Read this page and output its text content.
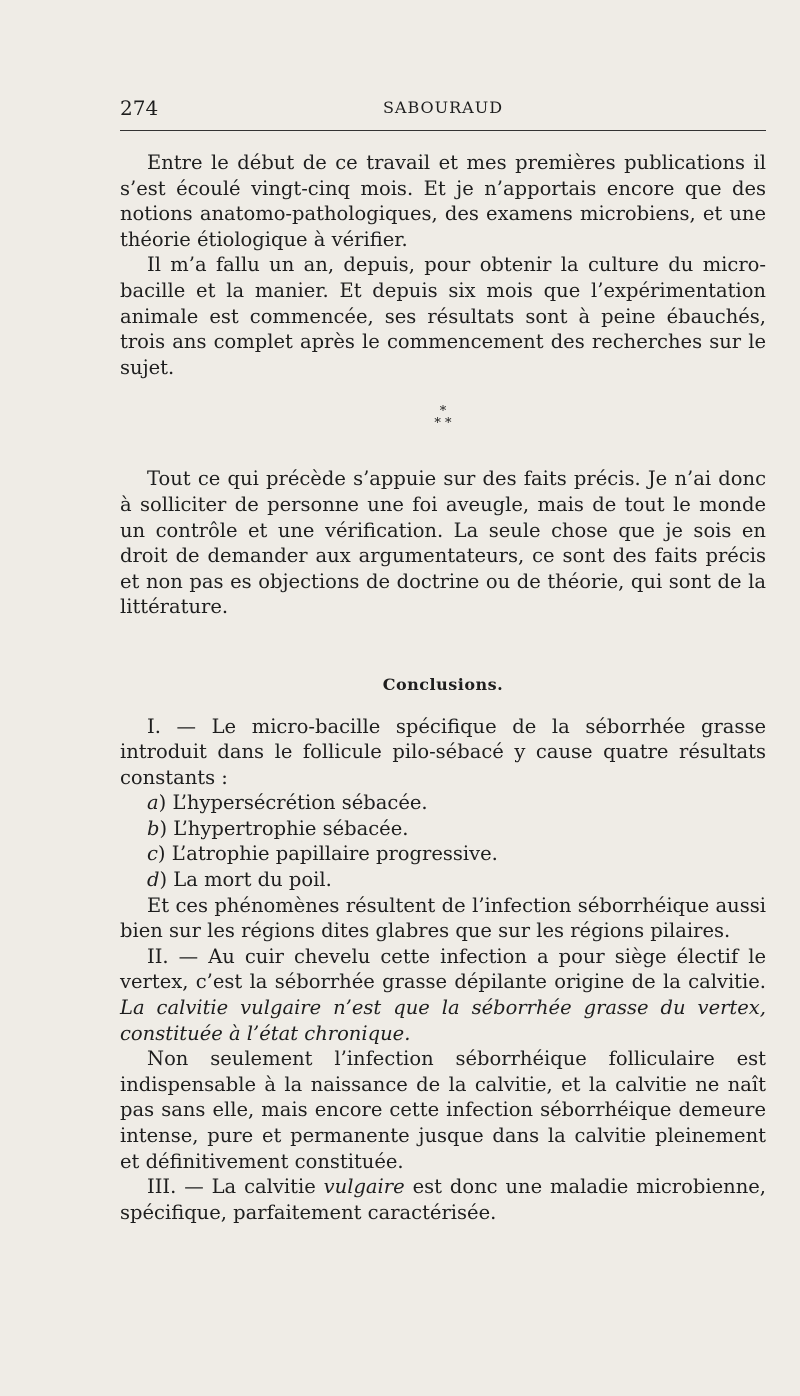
274	SABOURAUD

Entre le début de ce travail et mes premières publications il s’est écoulé vingt-cinq mois. Et je n’apportais encore que des notions anatomo-pathologiques, des examens microbiens, et une théorie étiologique à vérifier.

Il m’a fallu un an, depuis, pour obtenir la culture du micro-bacille et la manier. Et depuis six mois que l’expérimentation animale est commencée, ses résultats sont à peine ébauchés, trois ans complet après le commencement des recherches sur le sujet.

*
* *

Tout ce qui précède s’appuie sur des faits précis. Je n’ai donc à solliciter de personne une foi aveugle, mais de tout le monde un contrôle et une vérification. La seule chose que je sois en droit de demander aux argumentateurs, ce sont des faits précis et non pas es objections de doctrine ou de théorie, qui sont de la littérature.

Conclusions.

I. — Le micro-bacille spécifique de la séborrhée grasse introduit dans le follicule pilo-sébacé y cause quatre résultats constants :

a) L’hypersécrétion sébacée.

b) L’hypertrophie sébacée.

c) L’atrophie papillaire progressive.

d) La mort du poil.

Et ces phénomènes résultent de l’infection séborrhéique aussi bien sur les régions dites glabres que sur les régions pilaires.

II. — Au cuir chevelu cette infection a pour siège électif le vertex, c’est la séborrhée grasse dépilante origine de la calvitie. La calvitie vulgaire n’est que la séborrhée grasse du vertex, constituée à l’état chronique.

Non seulement l’infection séborrhéique folliculaire est indispensable à la naissance de la calvitie, et la calvitie ne naît pas sans elle, mais encore cette infection séborrhéique demeure intense, pure et permanente jusque dans la calvitie pleinement et définitivement constituée.

III. — La calvitie vulgaire est donc une maladie microbienne, spécifique, parfaitement caractérisée.
